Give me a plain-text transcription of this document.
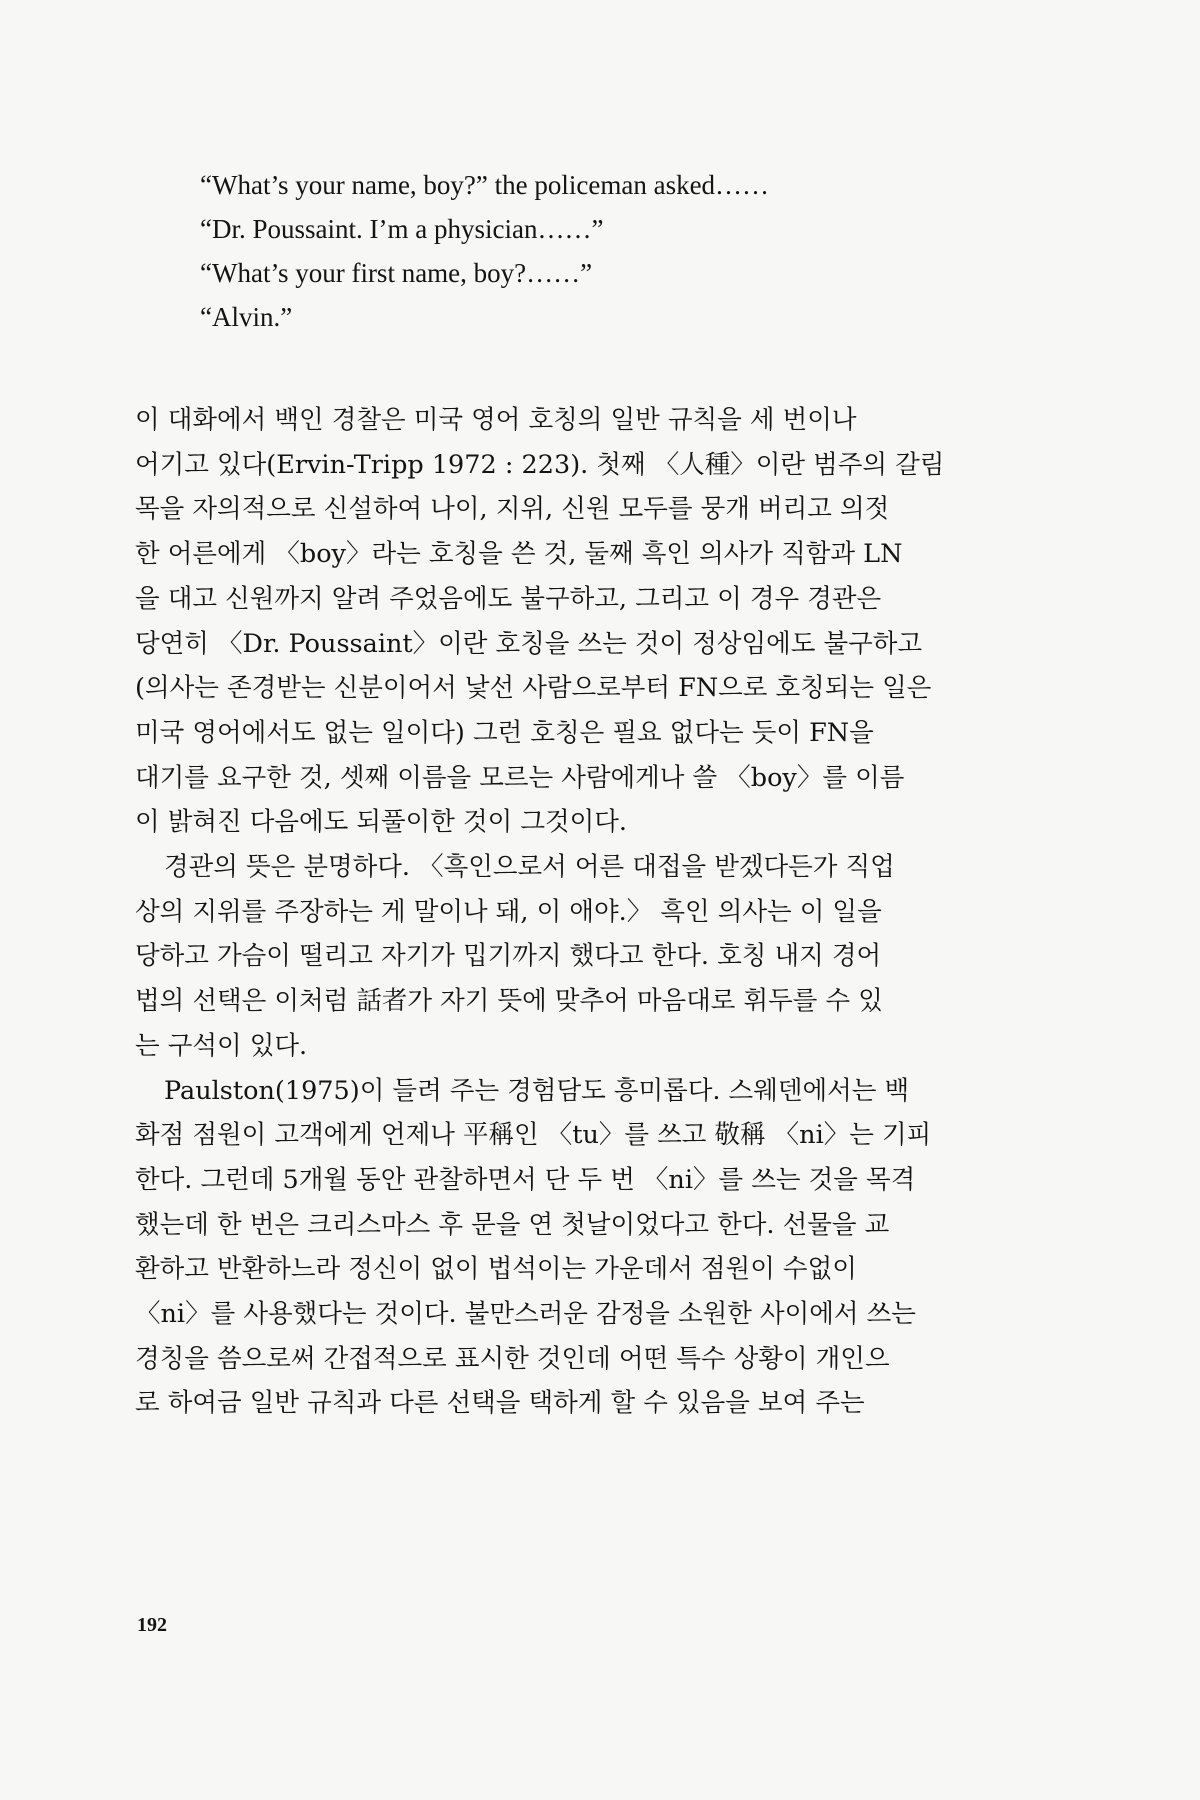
“What’s your name, boy?” the policeman asked……
“Dr. Poussaint. I’m a physician……”
“What’s your first name, boy?……”
“Alvin.”

이 대화에서 백인 경찰은 미국 영어 호칭의 일반 규칙을 세 번이나
어기고 있다(Ervin-Tripp 1972 : 223). 첫째 〈人種〉이란 범주의 갈림
목을 자의적으로 신설하여 나이, 지위, 신원 모두를 뭉개 버리고 의젓
한 어른에게 〈boy〉라는 호칭을 쓴 것, 둘째 흑인 의사가 직함과 LN
을 대고 신원까지 알려 주었음에도 불구하고, 그리고 이 경우 경관은
당연히 〈Dr. Poussaint〉이란 호칭을 쓰는 것이 정상임에도 불구하고
(의사는 존경받는 신분이어서 낯선 사람으로부터 FN으로 호칭되는 일은
미국 영어에서도 없는 일이다) 그런 호칭은 필요 없다는 듯이 FN을
대기를 요구한 것, 셋째 이름을 모르는 사람에게나 쓸 〈boy〉를 이름
이 밝혀진 다음에도 되풀이한 것이 그것이다.

경관의 뜻은 분명하다. 〈흑인으로서 어른 대접을 받겠다든가 직업
상의 지위를 주장하는 게 말이나 돼, 이 애야.〉 흑인 의사는 이 일을
당하고 가슴이 떨리고 자기가 밉기까지 했다고 한다. 호칭 내지 경어
법의 선택은 이처럼 話者가 자기 뜻에 맞추어 마음대로 휘두를 수 있
는 구석이 있다.

Paulston(1975)이 들려 주는 경험담도 흥미롭다. 스웨덴에서는 백
화점 점원이 고객에게 언제나 平稱인 〈tu〉를 쓰고 敬稱 〈ni〉는 기피
한다. 그런데 5개월 동안 관찰하면서 단 두 번 〈ni〉를 쓰는 것을 목격
했는데 한 번은 크리스마스 후 문을 연 첫날이었다고 한다. 선물을 교
환하고 반환하느라 정신이 없이 법석이는 가운데서 점원이 수없이
〈ni〉를 사용했다는 것이다. 불만스러운 감정을 소원한 사이에서 쓰는
경칭을 씀으로써 간접적으로 표시한 것인데 어떤 특수 상황이 개인으
로 하여금 일반 규칙과 다른 선택을 택하게 할 수 있음을 보여 주는

192
